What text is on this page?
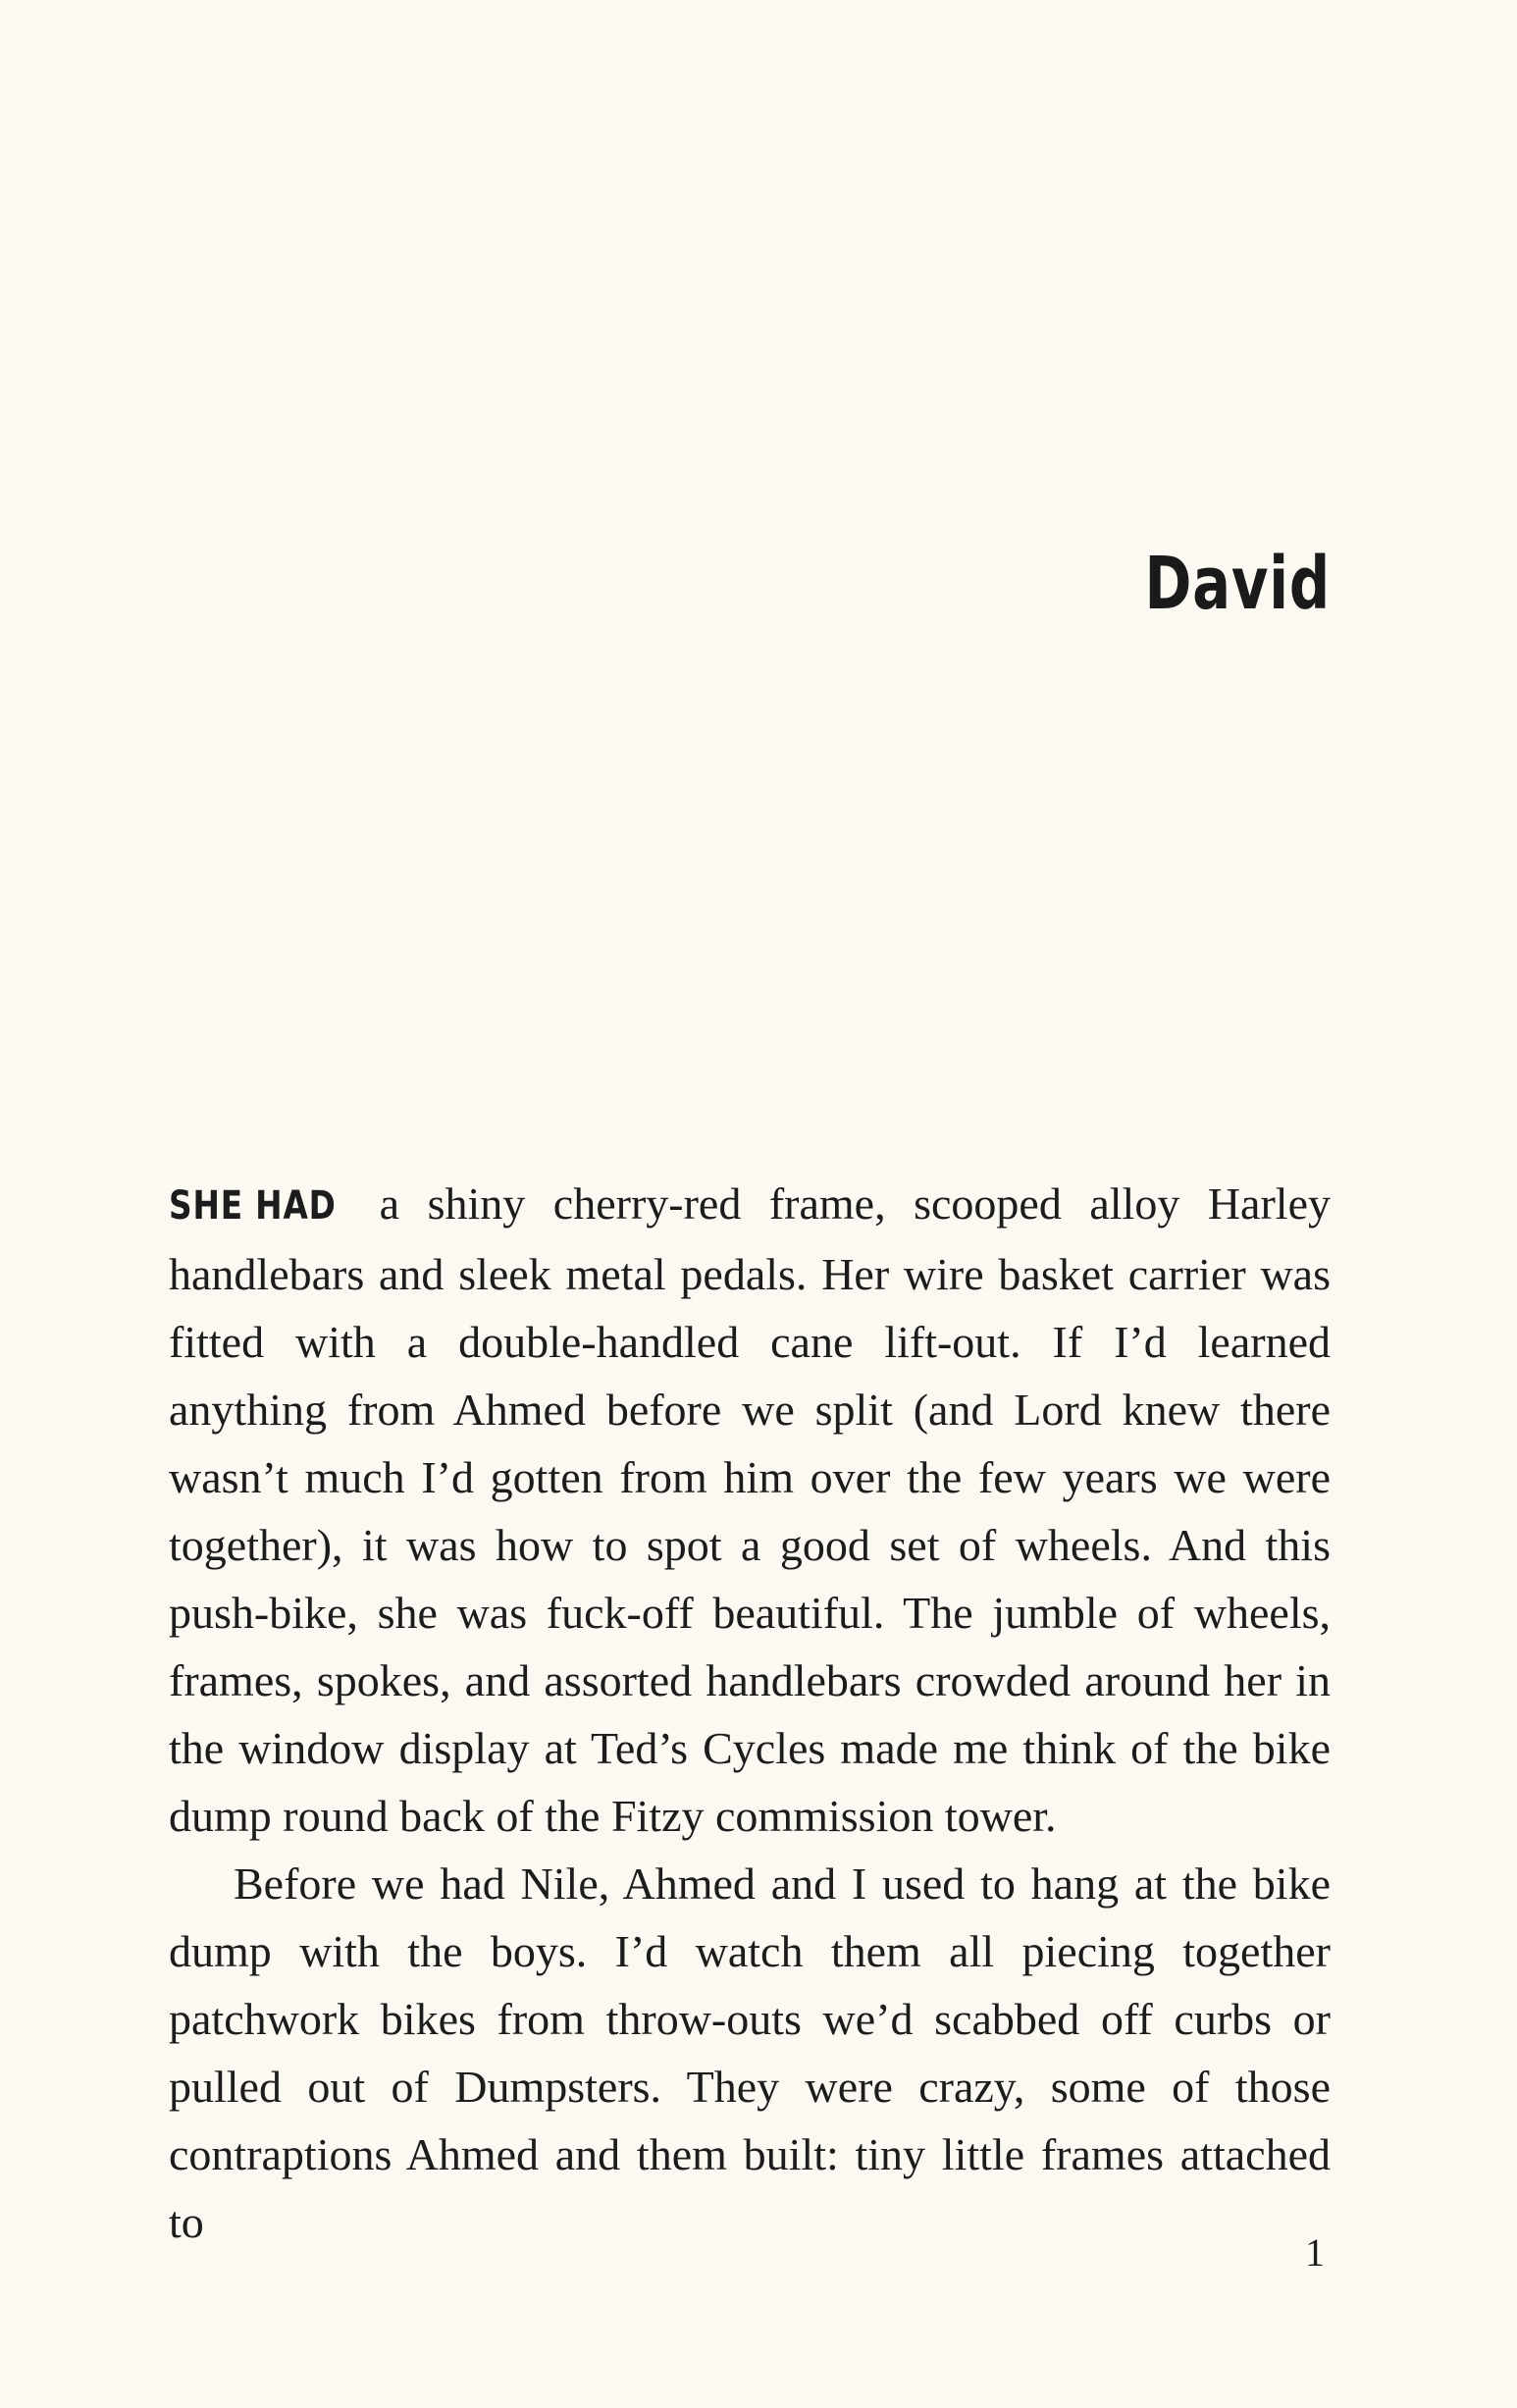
David

SHE HAD a shiny cherry-red frame, scooped alloy Harley handlebars and sleek metal pedals. Her wire basket carrier was fitted with a double-handled cane lift-out. If I’d learned anything from Ahmed before we split (and Lord knew there wasn’t much I’d gotten from him over the few years we were together), it was how to spot a good set of wheels. And this push-bike, she was fuck-off beautiful. The jumble of wheels, frames, spokes, and assorted handlebars crowded around her in the window display at Ted’s Cycles made me think of the bike dump round back of the Fitzy commission tower.

Before we had Nile, Ahmed and I used to hang at the bike dump with the boys. I’d watch them all piecing together patchwork bikes from throw-outs we’d scabbed off curbs or pulled out of Dumpsters. They were crazy, some of those contraptions Ahmed and them built: tiny little frames attached to

1
